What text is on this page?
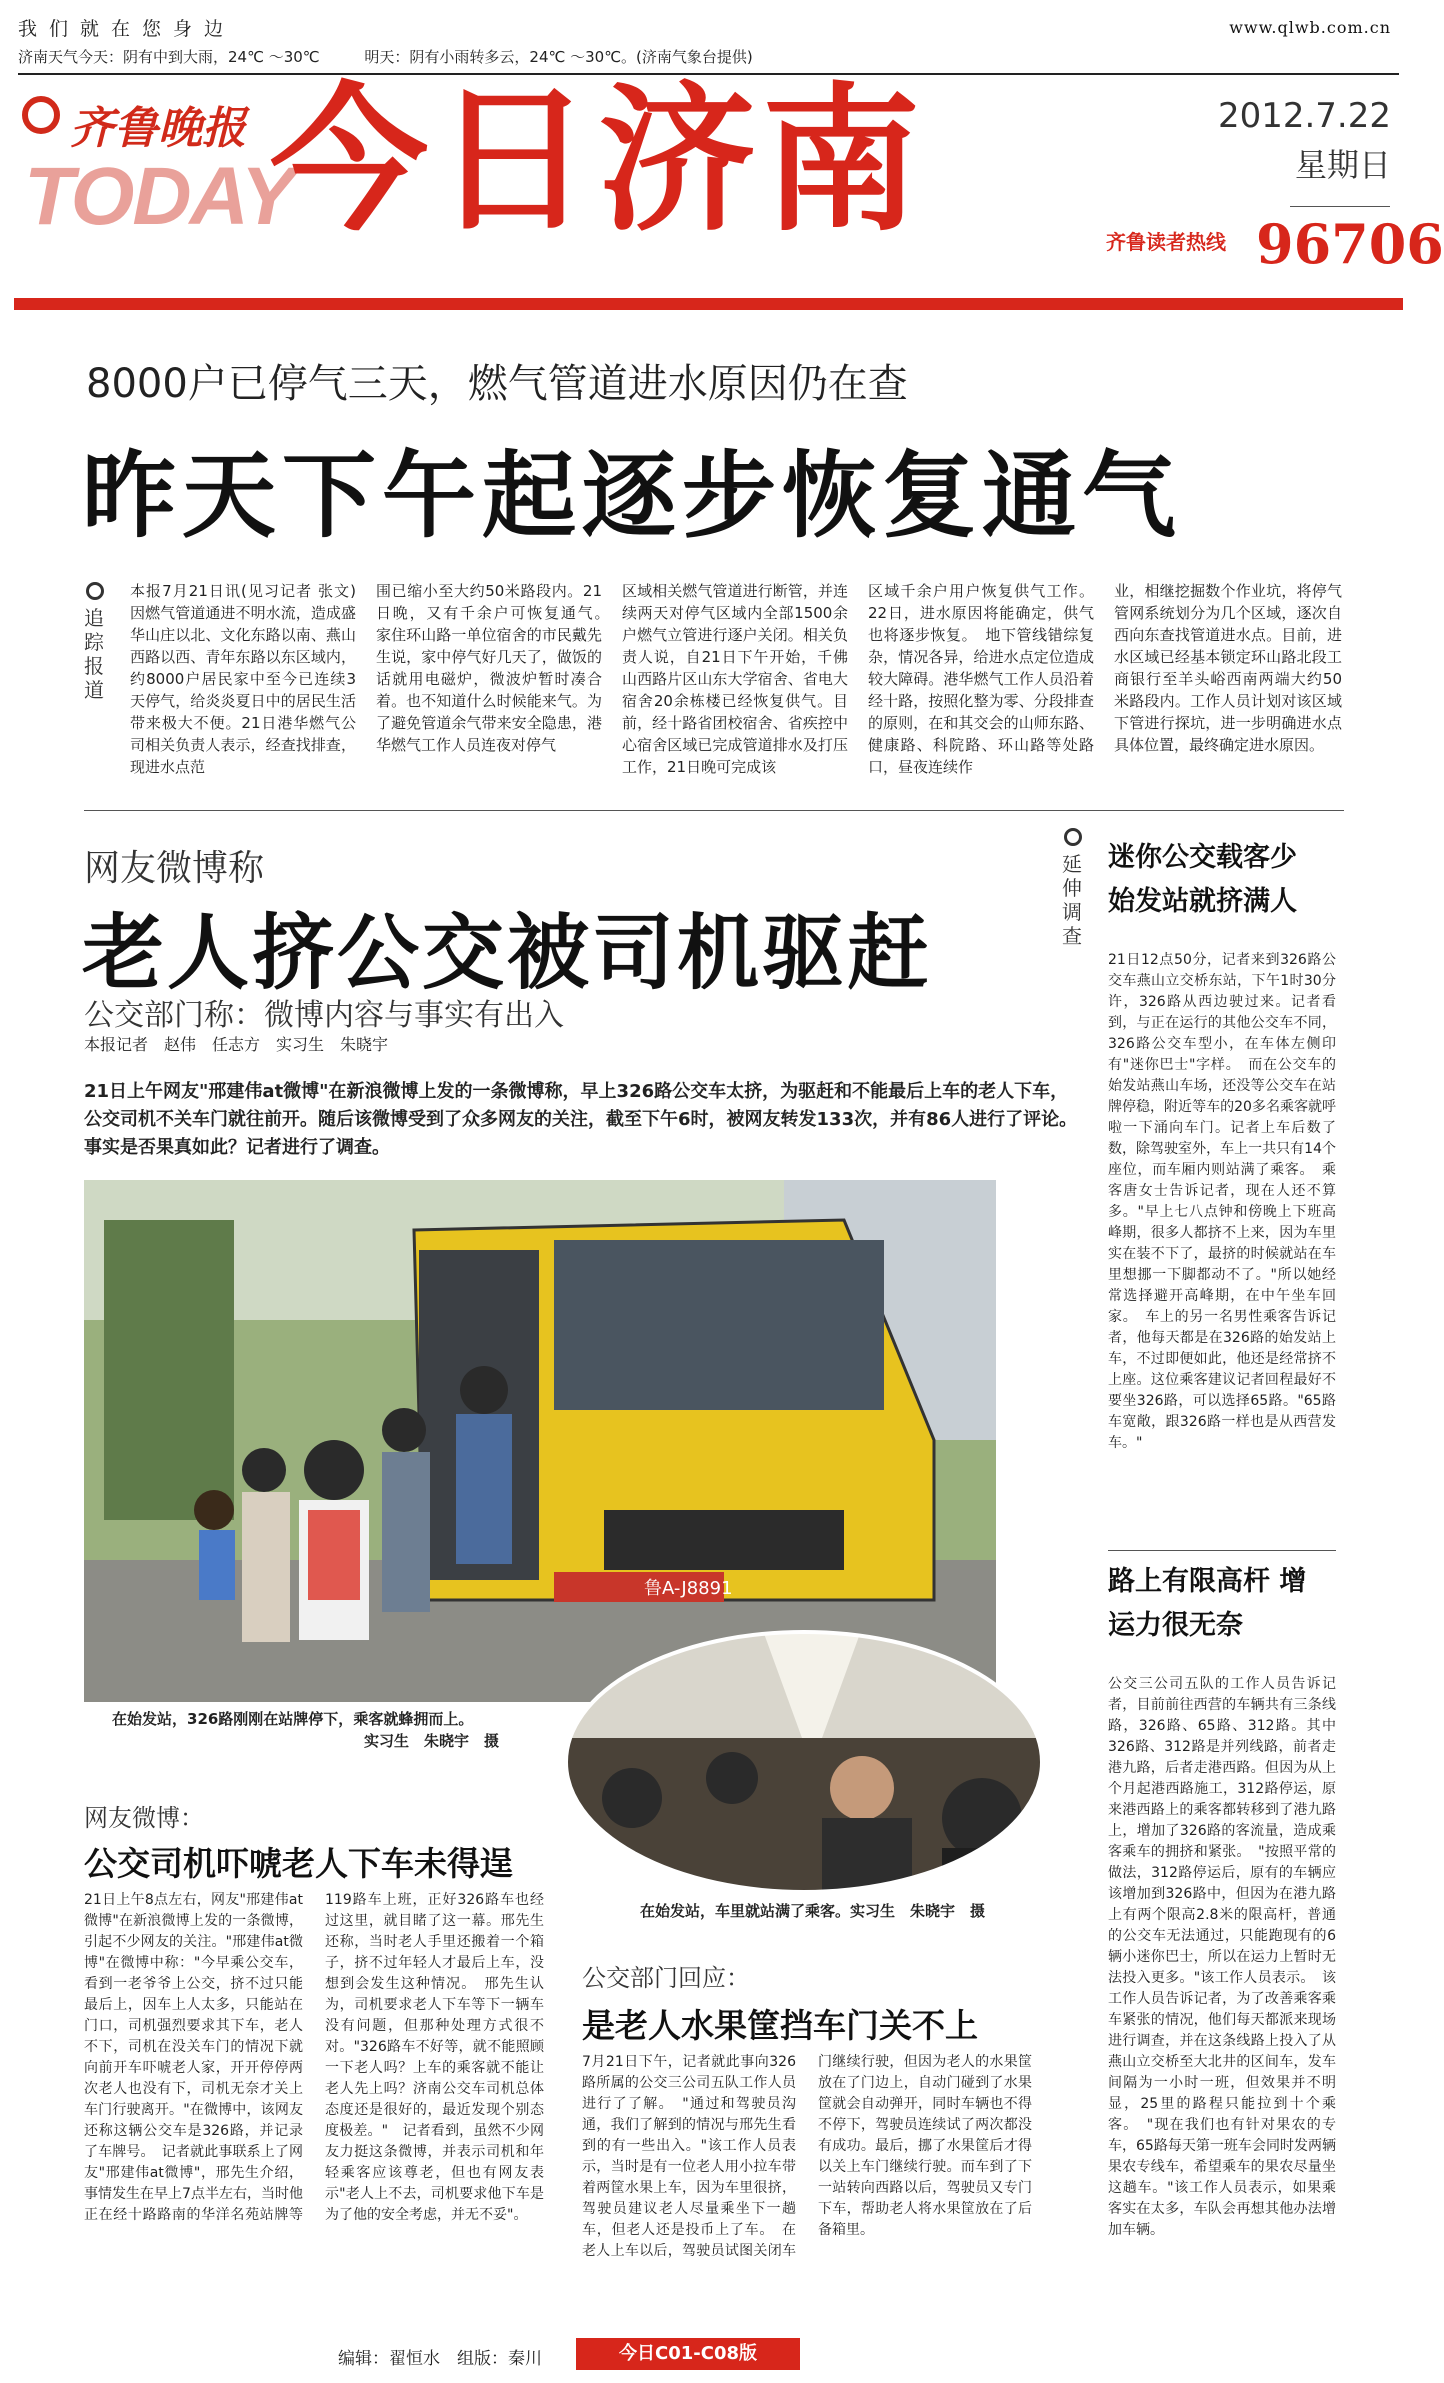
我们就在您身边	www.qlwb.com.cn
济南天气今天：阴有中到大雨，24℃ ～30℃	明天：阴有小雨转多云，24℃ ～30℃。(济南气象台提供)
齐鲁晚报
TODAY
今日济南	2012.7.22
星期日
齐鲁读者热线 96706
8000户已停气三天，燃气管道进水原因仍在查
昨天下午起逐步恢复通气
追踪报道
本报7月21日讯(见习记者 张文) 因燃气管道通进不明水流，造成盛华山庄以北、文化东路以南、燕山西路以西、青年东路以东区域内，约8000户居民家中至今已连续3天停气，给炎炎夏日中的居民生活带来极大不便。21日港华燃气公司相关负责人表示，经查找排查，现进水点范
围已缩小至大约50米路段内。21日晚，又有千余户可恢复通气。　家住环山路一单位宿舍的市民戴先生说，家中停气好几天了，做饭的话就用电磁炉，微波炉暂时凑合着。也不知道什么时候能来气。为了避免管道余气带来安全隐患，港华燃气工作人员连夜对停气
区域相关燃气管道进行断管，并连续两天对停气区域内全部1500余户燃气立管进行逐户关闭。相关负责人说，自21日下午开始，千佛山西路片区山东大学宿舍、省电大宿舍20余栋楼已经恢复供气。目前，经十路省团校宿舍、省疾控中心宿舍区域已完成管道排水及打压工作，21日晚可完成该
区域千余户用户恢复供气工作。22日，进水原因将能确定，供气也将逐步恢复。　地下管线错综复杂，情况各异，给进水点定位造成较大障碍。港华燃气工作人员沿着经十路，按照化整为零、分段排查的原则，在和其交会的山师东路、健康路、科院路、环山路等处路口，昼夜连续作
业，相继挖掘数个作业坑，将停气管网系统划分为几个区域，逐次自西向东查找管道进水点。目前，进水区域已经基本锁定环山路北段工商银行至羊头峪西南两端大约50米路段内。工作人员计划对该区域下管进行探坑，进一步明确进水点具体位置，最终确定进水原因。
网友微博称
老人挤公交被司机驱赶
公交部门称：微博内容与事实有出入
本报记者　赵伟　任志方　实习生　朱晓宇
21日上午网友"邢建伟at微博"在新浪微博上发的一条微博称，早上326路公交车太挤，为驱赶和不能最后上车的老人下车，公交司机不关车门就往前开。随后该微博受到了众多网友的关注，截至下午6时，被网友转发133次，并有86人进行了评论。事实是否果真如此？记者进行了调查。
鲁A-J8891
在始发站，326路刚刚在站牌停下，乘客就蜂拥而上。
实习生　朱晓宇　摄
在始发站，车里就站满了乘客。实习生　朱晓宇　摄
延伸调查
迷你公交载客少 始发站就挤满人
21日12点50分，记者来到326路公交车燕山立交桥东站，下午1时30分许，326路从西边驶过来。记者看到，与正在运行的其他公交车不同，326路公交车型小，在车体左侧印有"迷你巴士"字样。　而在公交车的始发站燕山车场，还没等公交车在站牌停稳，附近等车的20多名乘客就呼啦一下涌向车门。记者上车后数了数，除驾驶室外，车上一共只有14个座位，而车厢内则站满了乘客。　乘客唐女士告诉记者，现在人还不算多。"早上七八点钟和傍晚上下班高峰期，很多人都挤不上来，因为车里实在装不下了，最挤的时候就站在车里想挪一下脚都动不了。"所以她经常选择避开高峰期，在中午坐车回家。　车上的另一名男性乘客告诉记者，他每天都是在326路的始发站上车，不过即便如此，他还是经常挤不上座。这位乘客建议记者回程最好不要坐326路，可以选择65路。"65路车宽敞，跟326路一样也是从西营发车。"
路上有限高杆 增运力很无奈
公交三公司五队的工作人员告诉记者，目前前往西营的车辆共有三条线路，326路、65路、312路。其中326路、312路是并列线路，前者走港九路，后者走港西路。但因为从上个月起港西路施工，312路停运，原来港西路上的乘客都转移到了港九路上，增加了326路的客流量，造成乘客乘车的拥挤和紧张。　"按照平常的做法，312路停运后，原有的车辆应该增加到326路中，但因为在港九路上有两个限高2.8米的限高杆，普通的公交车无法通过，只能跑现有的6辆小迷你巴士，所以在运力上暂时无法投入更多。"该工作人员表示。　该工作人员告诉记者，为了改善乘客乘车紧张的情况，他们每天都派来现场进行调查，并在这条线路上投入了从燕山立交桥至大北井的区间车，发车间隔为一小时一班，但效果并不明显，25里的路程只能拉到十个乘客。　"现在我们也有针对果农的专车，65路每天第一班车会同时发两辆果农专线车，希望乘车的果农尽量坐这趟车。"该工作人员表示，如果乘客实在太多，车队会再想其他办法增加车辆。
网友微博：
公交司机吓唬老人下车未得逞
21日上午8点左右，网友"邢建伟at微博"在新浪微博上发的一条微博，引起不少网友的关注。"邢建伟at微博"在微博中称："今早乘公交车，看到一老爷爷上公交，挤不过只能最后上，因车上人太多，只能站在门口，司机强烈要求其下车，老人不下，司机在没关车门的情况下就向前开车吓唬老人家，开开停停两次老人也没有下，司机无奈才关上车门行驶离开。"在微博中，该网友还称这辆公交车是326路，并记录了车牌号。　记者就此事联系上了网友"邢建伟at微博"，邢先生介绍，事情发生在早上7点半左右，当时他正在经十路路南的华洋名苑站牌等119路车上班，正好326路车也经过这里，就目睹了这一幕。邢先生还称，当时老人手里还搬着一个箱子，挤不过年轻人才最后上车，没想到会发生这种情况。　邢先生认为，司机要求老人下车等下一辆车没有问题，但那种处理方式很不对。"326路车不好等，就不能照顾一下老人吗？上车的乘客就不能让老人先上吗？济南公交车司机总体态度还是很好的，最近发现个别态度极差。"　记者看到，虽然不少网友力挺这条微博，并表示司机和年轻乘客应该尊老，但也有网友表示"老人上不去，司机要求他下车是为了他的安全考虑，并无不妥"。
公交部门回应：
是老人水果筐挡车门关不上
7月21日下午，记者就此事向326路所属的公交三公司五队工作人员进行了了解。　"通过和驾驶员沟通，我们了解到的情况与邢先生看到的有一些出入。"该工作人员表示，当时是有一位老人用小拉车带着两筐水果上车，因为车里很挤，驾驶员建议老人尽量乘坐下一趟车，但老人还是投币上了车。　在老人上车以后，驾驶员试图关闭车门继续行驶，但因为老人的水果筐放在了门边上，自动门碰到了水果筐就会自动弹开，同时车辆也不得不停下，驾驶员连续试了两次都没有成功。最后，挪了水果筐后才得以关上车门继续行驶。而车到了下一站转向西路以后，驾驶员又专门下车，帮助老人将水果筐放在了后备箱里。
编辑：翟恒水　组版：秦川	今日C01-C08版
